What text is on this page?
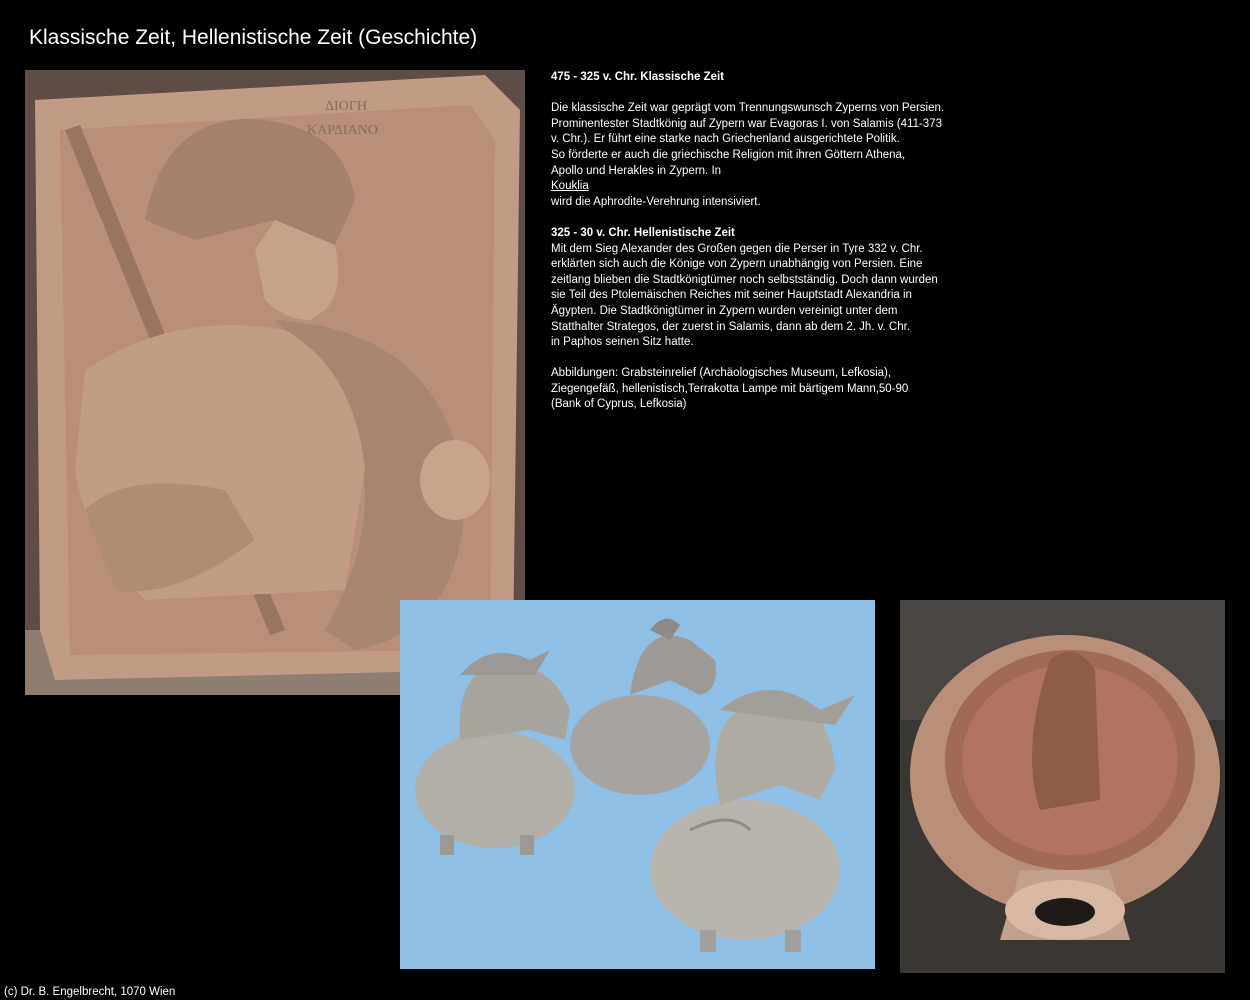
Klassische Zeit, Hellenistische Zeit (Geschichte)
ΔΙΟΓΗ
ΚΑΡΔΙΑΝΟ

475 - 325 v. Chr. Klassische Zeit

Die klassische Zeit war geprägt vom Trennungswunsch Zyperns von Persien.
Prominentester Stadtkönig auf Zypern war Evagoras I. von Salamis (411-373
v. Chr.). Er führt eine starke nach Griechenland ausgerichtete Politik.
So förderte er auch die griechische Religion mit ihren Göttern Athena,
Apollo und Herakles in Zypern. In
Kouklia
wird die Aphrodite-Verehrung intensiviert.

325 - 30 v. Chr. Hellenistische Zeit
Mit dem Sieg Alexander des Großen gegen die Perser in Tyre 332 v. Chr.
erklärten sich auch die Könige von Zypern unabhängig von Persien. Eine
zeitlang blieben die Stadtkönigtümer noch selbstständig. Doch dann wurden
sie Teil des Ptolemäischen Reiches mit seiner Hauptstadt Alexandria in
Ägypten. Die Stadtkönigtümer in Zypern wurden vereinigt unter dem
Statthalter Strategos, der zuerst in Salamis, dann ab dem 2. Jh. v. Chr.
in Paphos seinen Sitz hatte.

Abbildungen: Grabsteinrelief (Archäologisches Museum, Lefkosia),
Ziegengefäß, hellenistisch,Terrakotta Lampe mit bärtigem Mann,50-90
(Bank of Cyprus, Lefkosia)

(c) Dr. B. Engelbrecht, 1070 Wien
